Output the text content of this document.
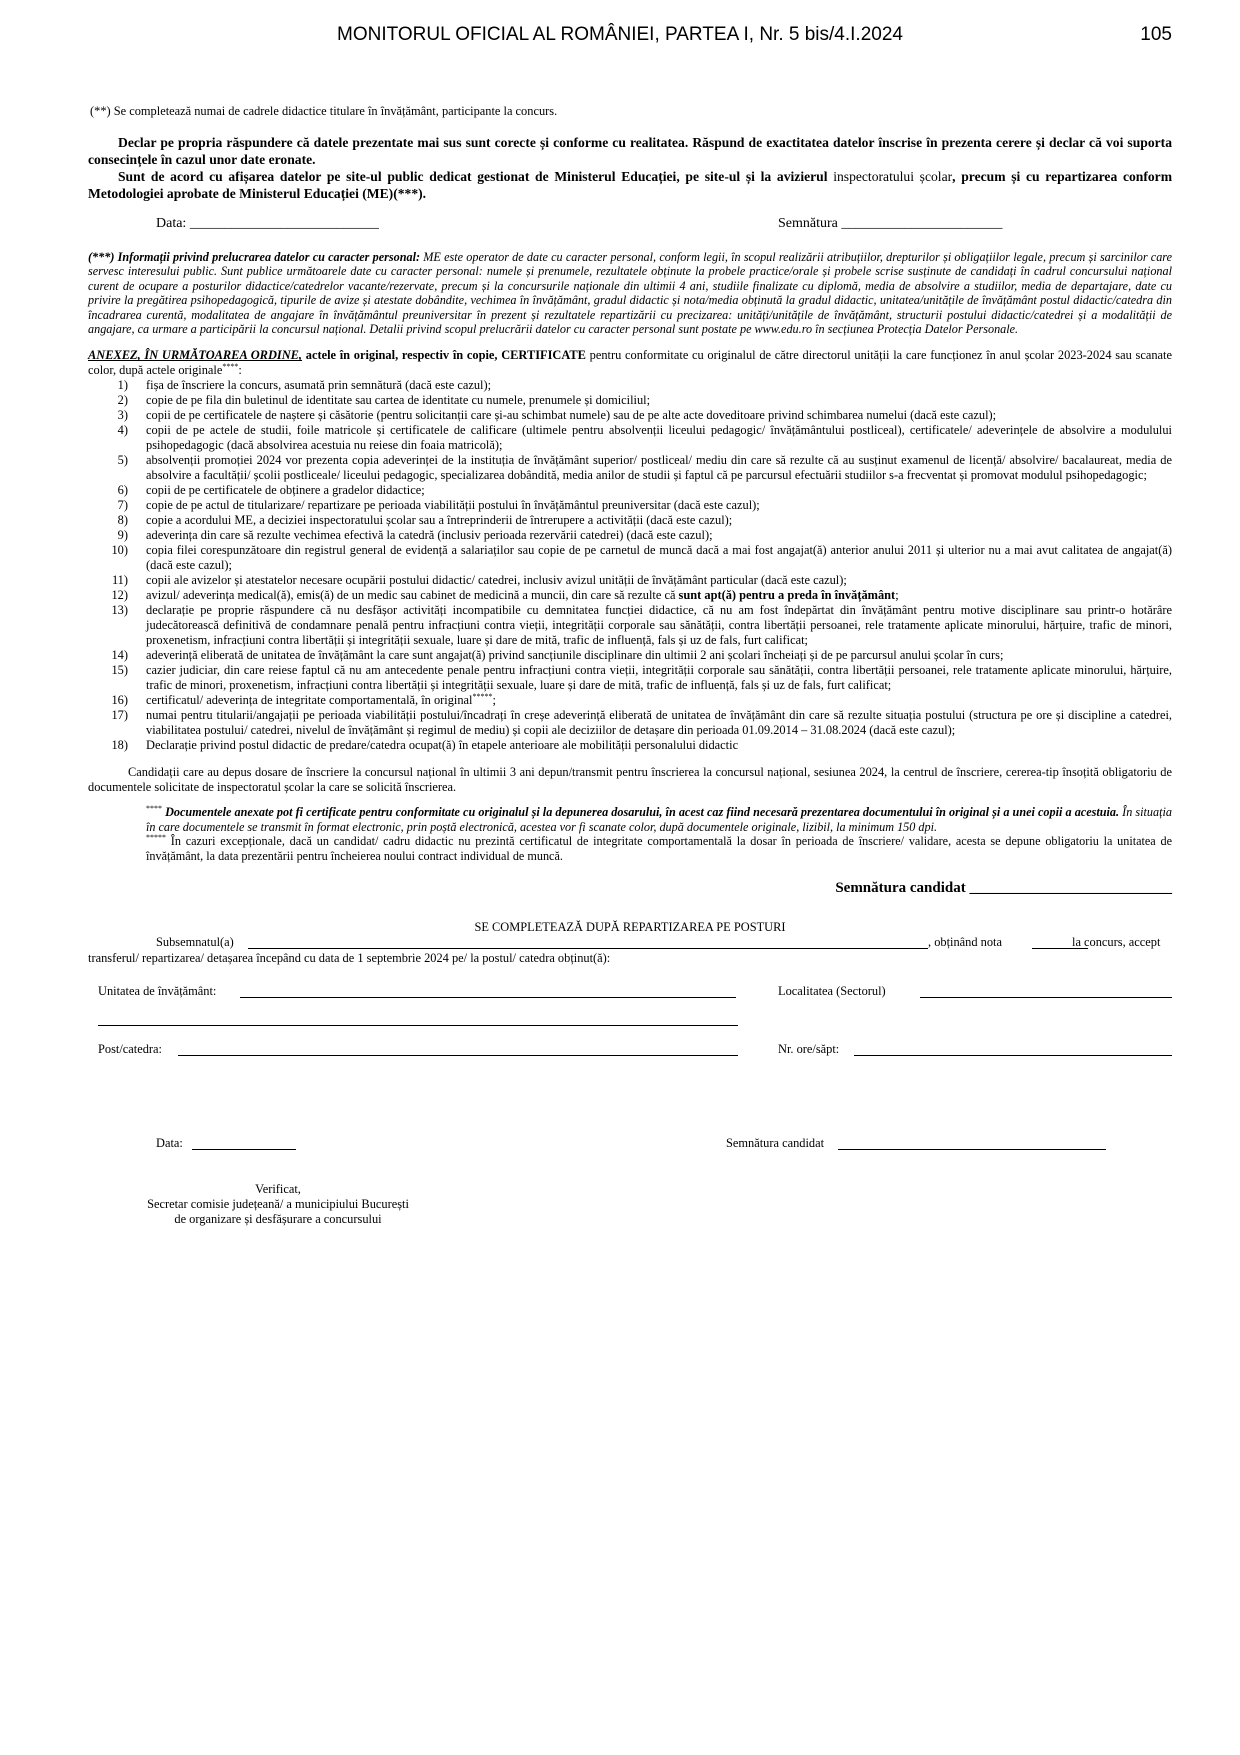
MONITORUL OFICIAL AL ROMÂNIEI, PARTEA I, Nr. 5 bis/4.I.2024	105

(**) Se completează numai de cadrele didactice titulare în învățământ, participante la concurs.

Declar pe propria răspundere că datele prezentate mai sus sunt corecte și conforme cu realitatea. Răspund de exactitatea datelor înscrise în prezenta cerere și declar că voi suporta consecințele în cazul unor date eronate.

Sunt de acord cu afișarea datelor pe site-ul public dedicat gestionat de Ministerul Educației, pe site-ul și la avizierul inspectoratului școlar, precum și cu repartizarea conform Metodologiei aprobate de Ministerul Educației (ME)(***).

Data: ___________________________	Semnătura _______________________

(***) Informații privind prelucrarea datelor cu caracter personal: ME este operator de date cu caracter personal, conform legii, în scopul realizării atribuțiilor, drepturilor și obligațiilor legale, precum și sarcinilor care servesc interesului public. Sunt publice următoarele date cu caracter personal: numele și prenumele, rezultatele obținute la probele practice/orale și probele scrise susținute de candidați în cadrul concursului național curent de ocupare a posturilor didactice/catedrelor vacante/rezervate, precum și la concursurile naționale din ultimii 4 ani, studiile finalizate cu diplomă, media de absolvire a studiilor, media de departajare, date cu privire la pregătirea psihopedagogică, tipurile de avize și atestate dobândite, vechimea în învățământ, gradul didactic și nota/media obținută la gradul didactic, unitatea/unitățile de învățământ postul didactic/catedra din încadrarea curentă, modalitatea de angajare în învățământul preuniversitar în prezent și rezultatele repartizării cu precizarea: unități/unitățile de învățământ, structurii postului didactic/catedrei și a modalității de angajare, ca urmare a participării la concursul național. Detalii privind scopul prelucrării datelor cu caracter personal sunt postate pe www.edu.ro în secțiunea Protecția Datelor Personale.

ANEXEZ, ÎN URMĂTOAREA ORDINE, actele în original, respectiv în copie, CERTIFICATE pentru conformitate cu originalul de către directorul unității la care funcționez în anul școlar 2023-2024 sau scanate color, după actele originale****:

1) fișa de înscriere la concurs, asumată prin semnătură (dacă este cazul);
2) copie de pe fila din buletinul de identitate sau cartea de identitate cu numele, prenumele și domiciliul;
3) copii de pe certificatele de naștere și căsătorie (pentru solicitanții care și-au schimbat numele) sau de pe alte acte doveditoare privind schimbarea numelui (dacă este cazul);
4) copii de pe actele de studii, foile matricole și certificatele de calificare (ultimele pentru absolvenții liceului pedagogic/ învățământului postliceal), certificatele/ adeverințele de absolvire a modulului psihopedagogic (dacă absolvirea acestuia nu reiese din foaia matricolă);
5) absolvenții promoției 2024 vor prezenta copia adeverinței de la instituția de învățământ superior/ postliceal/ mediu din care să rezulte că au susținut examenul de licență/ absolvire/ bacalaureat, media de absolvire a facultății/ școlii postliceale/ liceului pedagogic, specializarea dobândită, media anilor de studii și faptul că pe parcursul efectuării studiilor s-a frecventat și promovat modulul psihopedagogic;
6) copii de pe certificatele de obținere a gradelor didactice;
7) copie de pe actul de titularizare/ repartizare pe perioada viabilității postului în învățământul preuniversitar (dacă este cazul);
8) copie a acordului ME, a deciziei inspectoratului școlar sau a întreprinderii de întrerupere a activității (dacă este cazul);
9) adeverința din care să rezulte vechimea efectivă la catedră (inclusiv perioada rezervării catedrei) (dacă este cazul);
10) copia filei corespunzătoare din registrul general de evidență a salariaților sau copie de pe carnetul de muncă dacă a mai fost angajat(ă) anterior anului 2011 și ulterior nu a mai avut calitatea de angajat(ă) (dacă este cazul);
11) copii ale avizelor și atestatelor necesare ocupării postului didactic/ catedrei, inclusiv avizul unității de învățământ particular (dacă este cazul);
12) avizul/ adeverința medical(ă), emis(ă) de un medic sau cabinet de medicină a muncii, din care să rezulte că sunt apt(ă) pentru a preda în învățământ;
13) declarație pe proprie răspundere că nu desfășor activități incompatibile cu demnitatea funcției didactice, că nu am fost îndepărtat din învățământ pentru motive disciplinare sau printr-o hotărâre judecătorească definitivă de condamnare penală pentru infracțiuni contra vieții, integrității corporale sau sănătății, contra libertății persoanei, rele tratamente aplicate minorului, hărțuire, trafic de minori, proxenetism, infracțiuni contra libertății și integrității sexuale, luare și dare de mită, trafic de influență, fals și uz de fals, furt calificat;
14) adeverință eliberată de unitatea de învățământ la care sunt angajat(ă) privind sancțiunile disciplinare din ultimii 2 ani școlari încheiați și de pe parcursul anului școlar în curs;
15) cazier judiciar, din care reiese faptul că nu am antecedente penale pentru infracțiuni contra vieții, integrității corporale sau sănătății, contra libertății persoanei, rele tratamente aplicate minorului, hărțuire, trafic de minori, proxenetism, infracțiuni contra libertății și integrității sexuale, luare și dare de mită, trafic de influență, fals și uz de fals, furt calificat;
16) certificatul/ adeverința de integritate comportamentală, în original*****;
17) numai pentru titularii/angajații pe perioada viabilității postului/încadrați în creșe adeverință eliberată de unitatea de învățământ din care să rezulte situația postului (structura pe ore și discipline a catedrei, viabilitatea postului/ catedrei, nivelul de învățământ și regimul de mediu) și copii ale deciziilor de detașare din perioada 01.09.2014 – 31.08.2024 (dacă este cazul);
18) Declarație privind postul didactic de predare/catedra ocupat(ă) în etapele anterioare ale mobilității personalului didactic

Candidații care au depus dosare de înscriere la concursul național în ultimii 3 ani depun/transmit pentru înscrierea la concursul național, sesiunea 2024, la centrul de înscriere, cererea-tip însoțită obligatoriu de documentele solicitate de inspectoratul școlar la care se solicită înscrierea.

**** Documentele anexate pot fi certificate pentru conformitate cu originalul și la depunerea dosarului, în acest caz fiind necesară prezentarea documentului în original și a unei copii a acestuia. În situația în care documentele se transmit în format electronic, prin poștă electronică, acestea vor fi scanate color, după documentele originale, lizibil, la minimum 150 dpi.

***** În cazuri excepționale, dacă un candidat/ cadru didactic nu prezintă certificatul de integritate comportamentală la dosar în perioada de înscriere/ validare, acesta se depune obligatoriu la unitatea de învățământ, la data prezentării pentru încheierea noului contract individual de muncă.

Semnătura candidat ___________________________

SE COMPLETEAZĂ DUPĂ REPARTIZAREA PE POSTURI

Subsemnatul(a)	, obținând nota	la concurs, accept

transferul/ repartizarea/ detașarea începând cu data de 1 septembrie 2024 pe/ la postul/ catedra obținut(ă):

Unitatea de învățământ:	Localitatea (Sectorul)
Post/catedra:	Nr. ore/săpt:
Data:	Semnătura candidat

Verificat,

Secretar comisie județeană/ a municipiului București

de organizare și desfășurare a concursului
